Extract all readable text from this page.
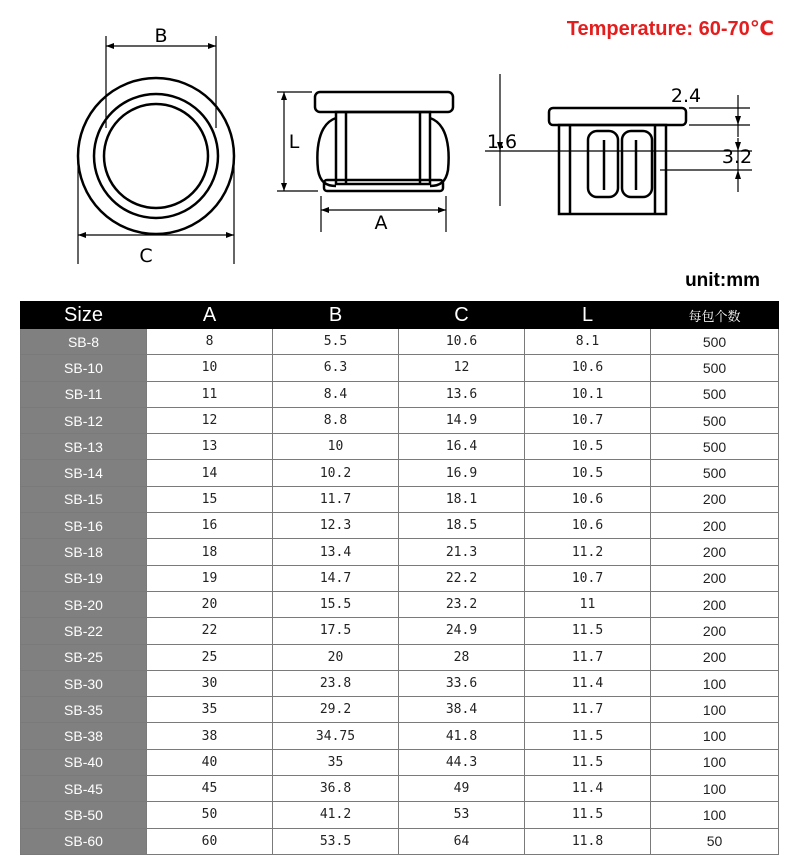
Temperature: 60-70℃
B
C
L
A
1.6
2.4
3.2
unit:mm
Size	A	B	C	L	每包个数
SB-8	8	5.5	10.6	8.1	500
SB-10	10	6.3	12	10.6	500
SB-11	11	8.4	13.6	10.1	500
SB-12	12	8.8	14.9	10.7	500
SB-13	13	10	16.4	10.5	500
SB-14	14	10.2	16.9	10.5	500
SB-15	15	11.7	18.1	10.6	200
SB-16	16	12.3	18.5	10.6	200
SB-18	18	13.4	21.3	11.2	200
SB-19	19	14.7	22.2	10.7	200
SB-20	20	15.5	23.2	11	200
SB-22	22	17.5	24.9	11.5	200
SB-25	25	20	28	11.7	200
SB-30	30	23.8	33.6	11.4	100
SB-35	35	29.2	38.4	11.7	100
SB-38	38	34.75	41.8	11.5	100
SB-40	40	35	44.3	11.5	100
SB-45	45	36.8	49	11.4	100
SB-50	50	41.2	53	11.5	100
SB-60	60	53.5	64	11.8	50
